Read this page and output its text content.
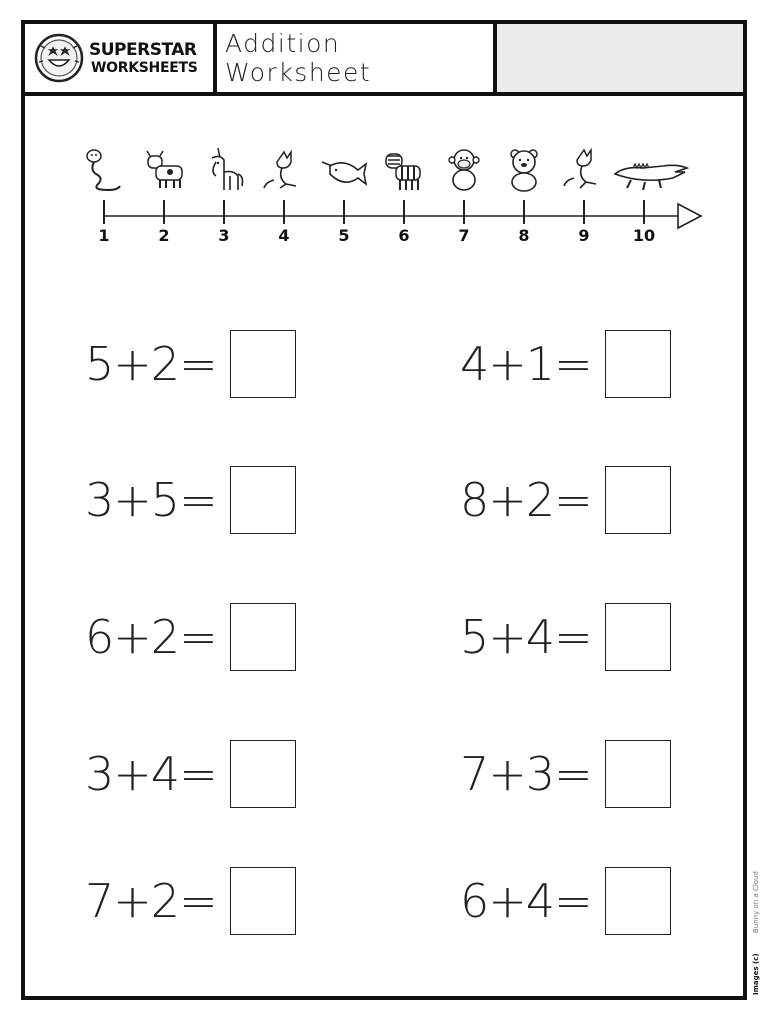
SUPERSTAR
WORKSHEETS
Addition Worksheet
1	2	3	4	5	6	7	8	9	10
5+2=
3+5=
6+2=
3+4=
7+2=
4+1=
8+2=
5+4=
7+3=
6+4=
Images (c)
Bunny on a Cloud
